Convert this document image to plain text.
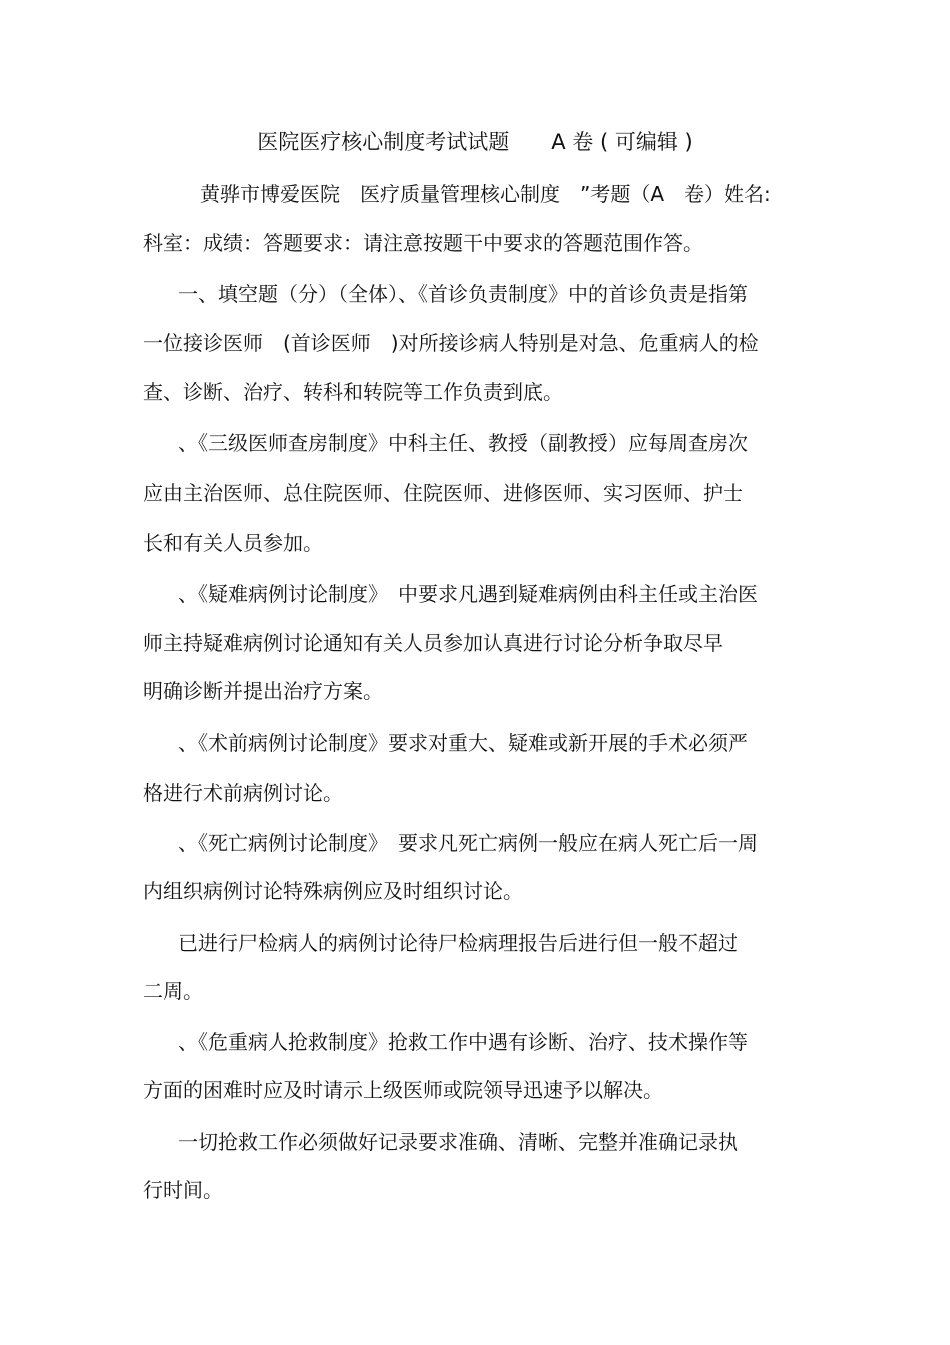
医院医疗核心制度考试试题　　A 卷 ( 可编辑 )
黄骅市博爱医院　医疗质量管理核心制度　”考题（A　卷）姓名:
科室：成绩：答题要求：请注意按题干中要求的答题范围作答。
一、填空题（分）（全体）、《首诊负责制度》中的首诊负责是指第
一位接诊医师　(首诊医师　)对所接诊病人特别是对急、危重病人的检
查、诊断、治疗、转科和转院等工作负责到底。
、《三级医师查房制度》中科主任、教授（副教授）应每周查房次
应由主治医师、总住院医师、住院医师、进修医师、实习医师、护士
长和有关人员参加。
、《疑难病例讨论制度》　中要求凡遇到疑难病例由科主任或主治医
师主持疑难病例讨论通知有关人员参加认真进行讨论分析争取尽早
明确诊断并提出治疗方案。
、《术前病例讨论制度》要求对重大、疑难或新开展的手术必须严
格进行术前病例讨论。
、《死亡病例讨论制度》　要求凡死亡病例一般应在病人死亡后一周
内组织病例讨论特殊病例应及时组织讨论。
已进行尸检病人的病例讨论待尸检病理报告后进行但一般不超过
二周。
、《危重病人抢救制度》抢救工作中遇有诊断、治疗、技术操作等
方面的困难时应及时请示上级医师或院领导迅速予以解决。
一切抢救工作必须做好记录要求准确、清晰、完整并准确记录执
行时间。
